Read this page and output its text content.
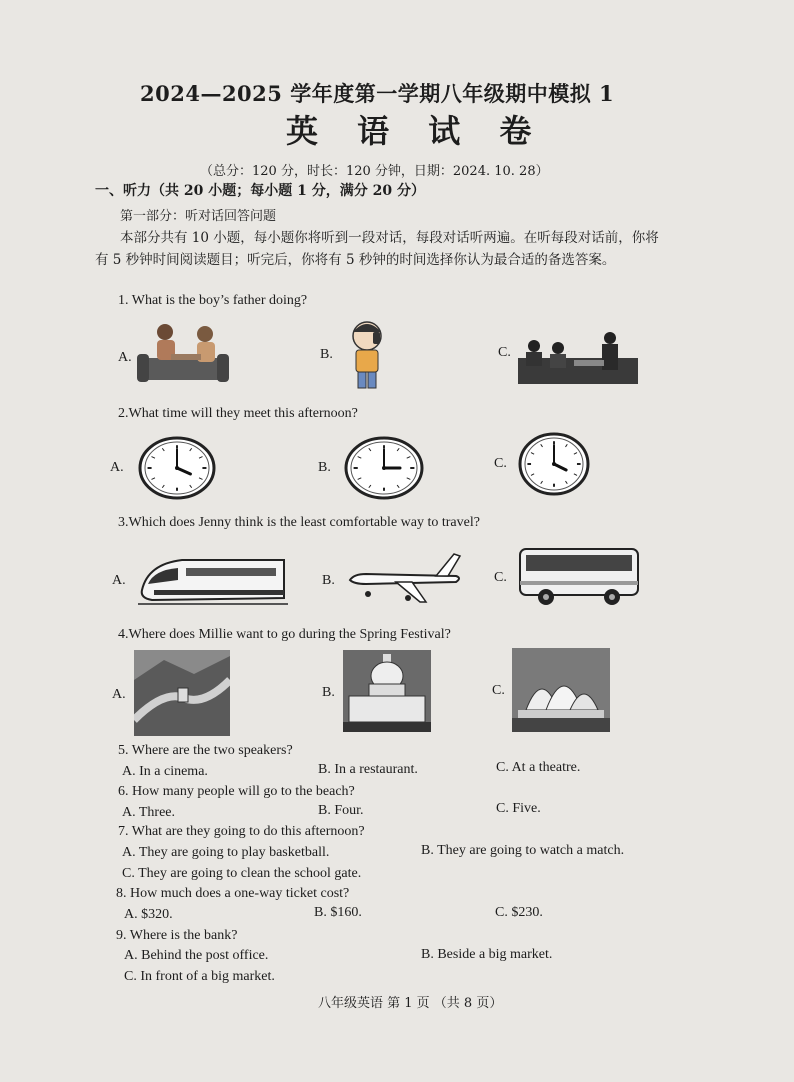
2024—2025 学年度第一学期八年级期中模拟 1
英 语 试 卷
（总分：120 分，时长：120 分钟，日期：2024. 10. 28）
一、听力（共 20 小题；每小题 1 分，满分 20 分）
第一部分：听对话回答问题
本部分共有 10 小题，每小题你将听到一段对话，每段对话听两遍。在听每段对话前，你将有 5 秒钟时间阅读题目；听完后，你将有 5 秒钟的时间选择你认为最合适的备选答案。
1. What is the boy’s father doing?
A.	B.	C.
2.What time will they meet this afternoon?
A.	B.	C.
3.Which does Jenny think is the least comfortable way to travel?
A.	B.	C.
4.Where does Millie want to go during the Spring Festival?
A.	B.	C.
5. Where are the two speakers?
A. In a cinema.	B. In a restaurant.	C. At a theatre.
6. How many people will go to the beach?
A. Three.	B. Four.	C. Five.
7. What are they going to do this afternoon?
A. They are going to play basketball.	B. They are going to watch a match.
C. They are going to clean the school gate.
8. How much does a one-way ticket cost?
A. $320.	B. $160.	C. $230.
9. Where is the bank?
A. Behind the post office.	B. Beside a big market.
C. In front of a big market.
八年级英语 第 1 页 （共 8 页）
